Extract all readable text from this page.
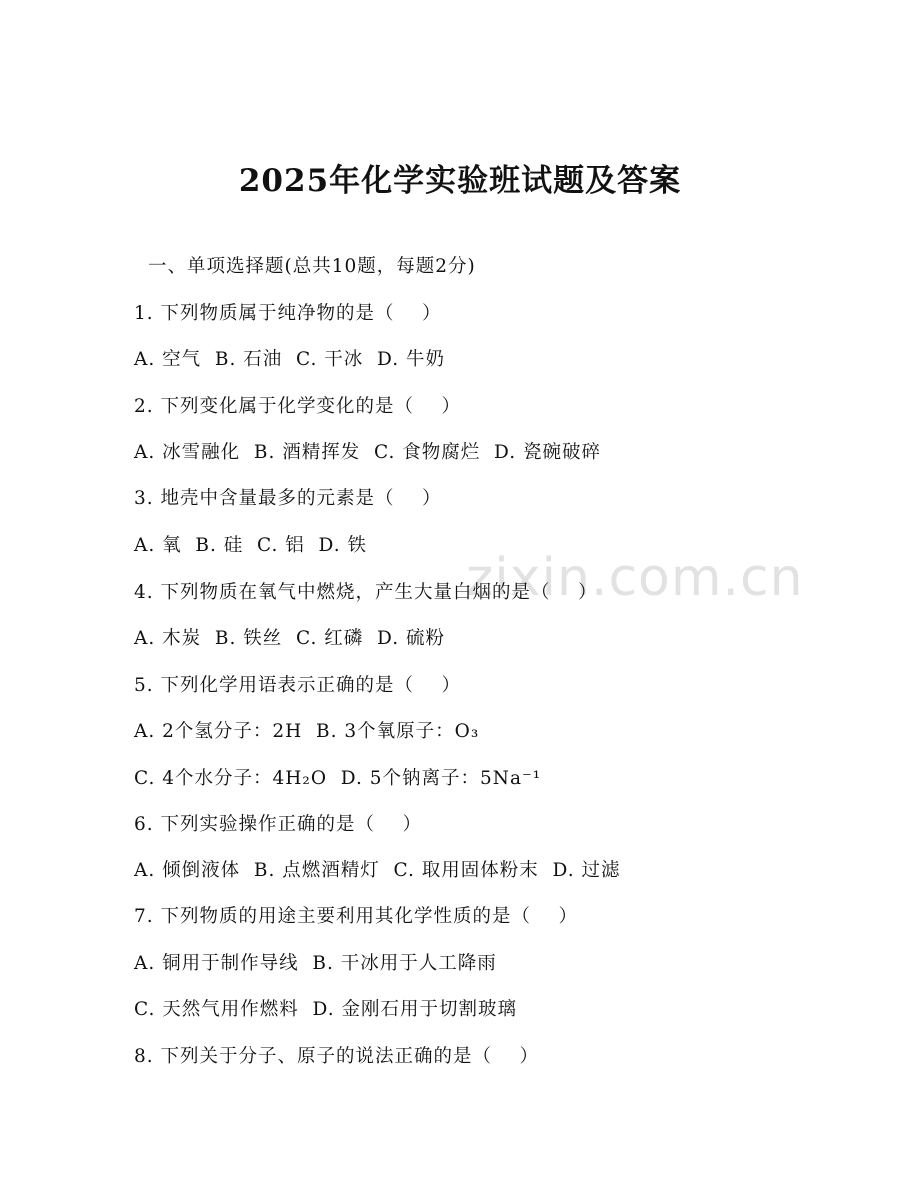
2025年化学实验班试题及答案

zixin.com.cn

一、单项选择题(总共10题，每题2分)

1. 下列物质属于纯净物的是（    ）

A. 空气  B. 石油  C. 干冰  D. 牛奶

2. 下列变化属于化学变化的是（    ）

A. 冰雪融化  B. 酒精挥发  C. 食物腐烂  D. 瓷碗破碎

3. 地壳中含量最多的元素是（    ）

A. 氧  B. 硅  C. 铝  D. 铁

4. 下列物质在氧气中燃烧，产生大量白烟的是（    ）

A. 木炭  B. 铁丝  C. 红磷  D. 硫粉

5. 下列化学用语表示正确的是（    ）

A. 2个氢分子：2H  B. 3个氧原子：O₃

C. 4个水分子：4H₂O  D. 5个钠离子：5Na⁻¹

6. 下列实验操作正确的是（    ）

A. 倾倒液体  B. 点燃酒精灯  C. 取用固体粉末  D. 过滤

7. 下列物质的用途主要利用其化学性质的是（    ）

A. 铜用于制作导线  B. 干冰用于人工降雨

C. 天然气用作燃料  D. 金刚石用于切割玻璃

8. 下列关于分子、原子的说法正确的是（    ）
